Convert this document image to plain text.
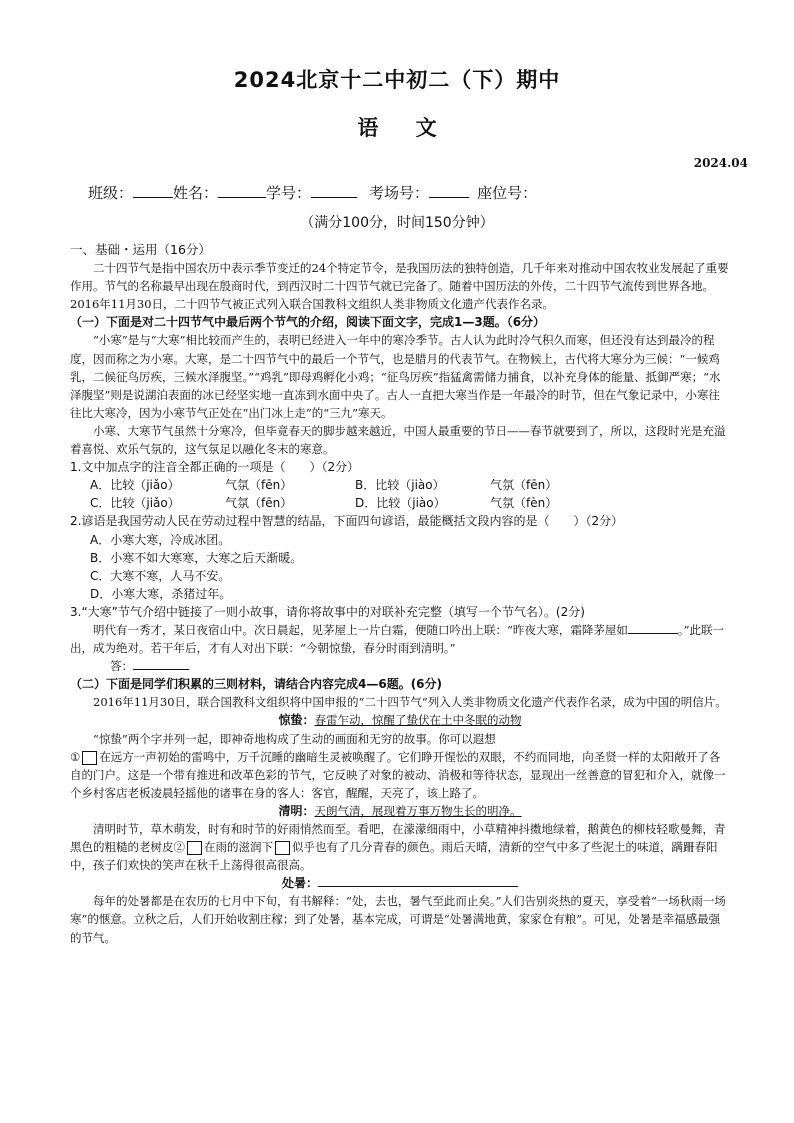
2024北京十二中初二（下）期中
语 文
2024.04
班级：	姓名：	学号：	考场号：	座位号：
（满分100分，时间150分钟）

一、基础・运用（16分）

二十四节气是指中国农历中表示季节变迁的24个特定节令，是我国历法的独特创造，几千年来对推动中国农牧业发展起了重要作用。节气的名称最早出现在殷商时代，到西汉时二十四节气就已完备了。随着中国历法的外传，二十四节气流传到世界各地。2016年11月30日，二十四节气被正式列入联合国教科文组织人类非物质文化遗产代表作名录。

（一）下面是对二十四节气中最后两个节气的介绍，阅读下面文字，完成1—3题。（6分）

“小寒”是与“大寒”相比较而产生的，表明已经进入一年中的寒冷季节。古人认为此时冷气积久而寒，但还没有达到最冷的程度，因而称之为小寒。大寒，是二十四节气中的最后一个节气，也是腊月的代表节气。在物候上，古代将大寒分为三候：“一候鸡乳，二候征鸟厉疾，三候水泽腹坚。”“鸡乳”即母鸡孵化小鸡；“征鸟厉疾”指猛禽需储力捕食，以补充身体的能量、抵御严寒；“水泽腹坚”则是说湖泊表面的冰已经坚实地一直冻到水面中央了。古人一直把大寒当作是一年最冷的时节，但在气象记录中，小寒往往比大寒冷，因为小寒节气正处在“出门冰上走”的“三九”寒天。

小寒、大寒节气虽然十分寒冷，但毕竟春天的脚步越来越近，中国人最重要的节日——春节就要到了，所以，这段时光是充溢着喜悦、欢乐气氛的，这气氛足以融化冬末的寒意。

1.文中加点字的注音全都正确的一项是（　　）（2分）

A．比较（jiǎo）	气氛（fēn）	B．比较（jiào）	气氛（fēn）
C．比较（jiǎo）	气氛（fēn）	D．比较（jiào）	气氛（fèn）

2.谚语是我国劳动人民在劳动过程中智慧的结晶，下面四句谚语，最能概括文段内容的是（　　）（2分）

A．小寒大寒，冷成冰团。

B．小寒不如大寒寒，大寒之后天渐暖。

C．大寒不寒，人马不安。

D．小寒大寒，杀猪过年。

3.“大寒”节气介绍中链接了一则小故事，请你将故事中的对联补充完整（填写一个节气名）。(2分)

明代有一秀才，某日夜宿山中。次日晨起，见茅屋上一片白霜，便随口吟出上联：“昨夜大寒，霜降茅屋如	。”此联一出，成为绝对。若干年后，才有人对出下联：“今朝惊蛰，春分时雨到清明。”

答：

（二）下面是同学们积累的三则材料，请结合内容完成4—6题。(6分)

2016年11月30日，联合国教科文组织将中国申报的“二十四节气”列入人类非物质文化遗产代表作名录，成为中国的明信片。

惊蛰：春雷乍动，惊醒了蛰伏在土中冬眠的动物

“惊蛰”两个字并列一起，即神奇地构成了生动的画面和无穷的故事。你可以遐想

① 在远方一声初始的雷鸣中，万千沉睡的幽暗生灵被唤醒了。它们睁开惺忪的双眼，不约而同地，向圣贤一样的太阳敞开了各自的门户。这是一个带有推进和改革色彩的节气，它反映了对象的被动、消极和等待状态，显现出一丝善意的冒犯和介入，就像一个乡村客店老板凌晨轻摇他的诸事在身的客人：客官，醒醒，天亮了，该上路了。

清明：天朗气清，展现着万事万物生长的明净。

清明时节，草木萌发，时有和时节的好雨悄然而至。看吧，在濛濛细雨中，小草精神抖擞地绿着，鹅黄色的柳枝轻歌曼舞，青黑色的粗糙的老树皮② 在雨的滋润下 似乎也有了几分青春的颜色。雨后天晴，清新的空气中多了些泥土的味道，蹒跚春阳中，孩子们欢快的笑声在秋千上荡得很高很高。

处暑：

每年的处暑都是在农历的七月中下旬，有书解释：“处，去也，暑气至此而止矣。”人们告别炎热的夏天，享受着“一场秋雨一场寒”的惬意。立秋之后，人们开始收割庄稼；到了处暑，基本完成，可谓是“处暑满地黄，家家仓有粮”。可见，处暑是幸福感最强的节气。
